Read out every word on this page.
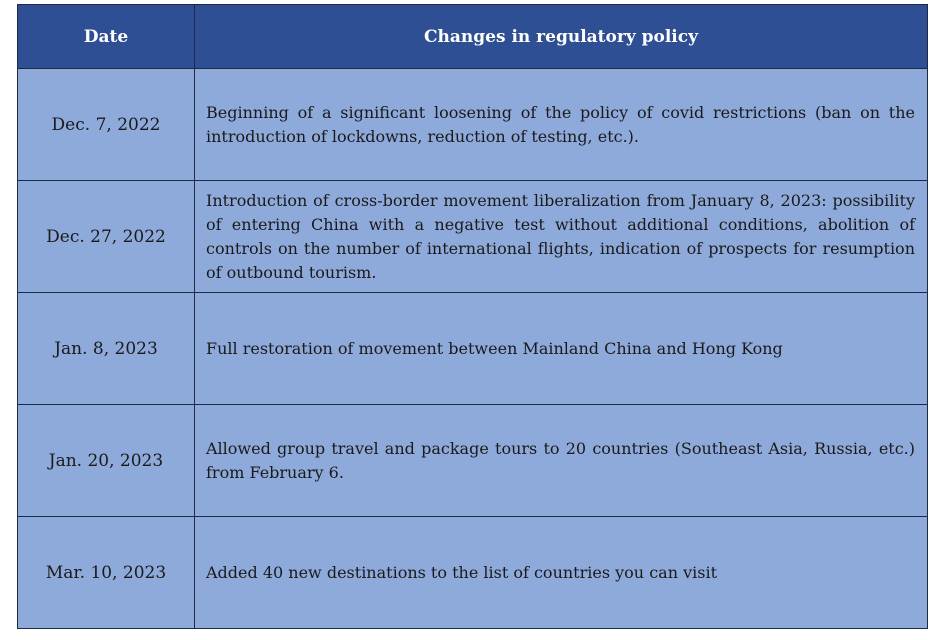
Date	Changes in regulatory policy
Dec. 7, 2022	Beginning of a significant loosening of the policy of covid restrictions (ban on the introduction of lockdowns, reduction of testing, etc.).

Dec. 27, 2022	Introduction of cross-border movement liberalization from January 8, 2023: possibility of entering China with a negative test without additional conditions, abolition of controls on the number of international flights, indication of prospects for resumption of outbound tourism.

Jan. 8, 2023	Full restoration of movement between Mainland China and Hong Kong

Jan. 20, 2023	Allowed group travel and package tours to 20 countries (Southeast Asia, Russia, etc.) from February 6.

Mar. 10, 2023	Added 40 new destinations to the list of countries you can visit
